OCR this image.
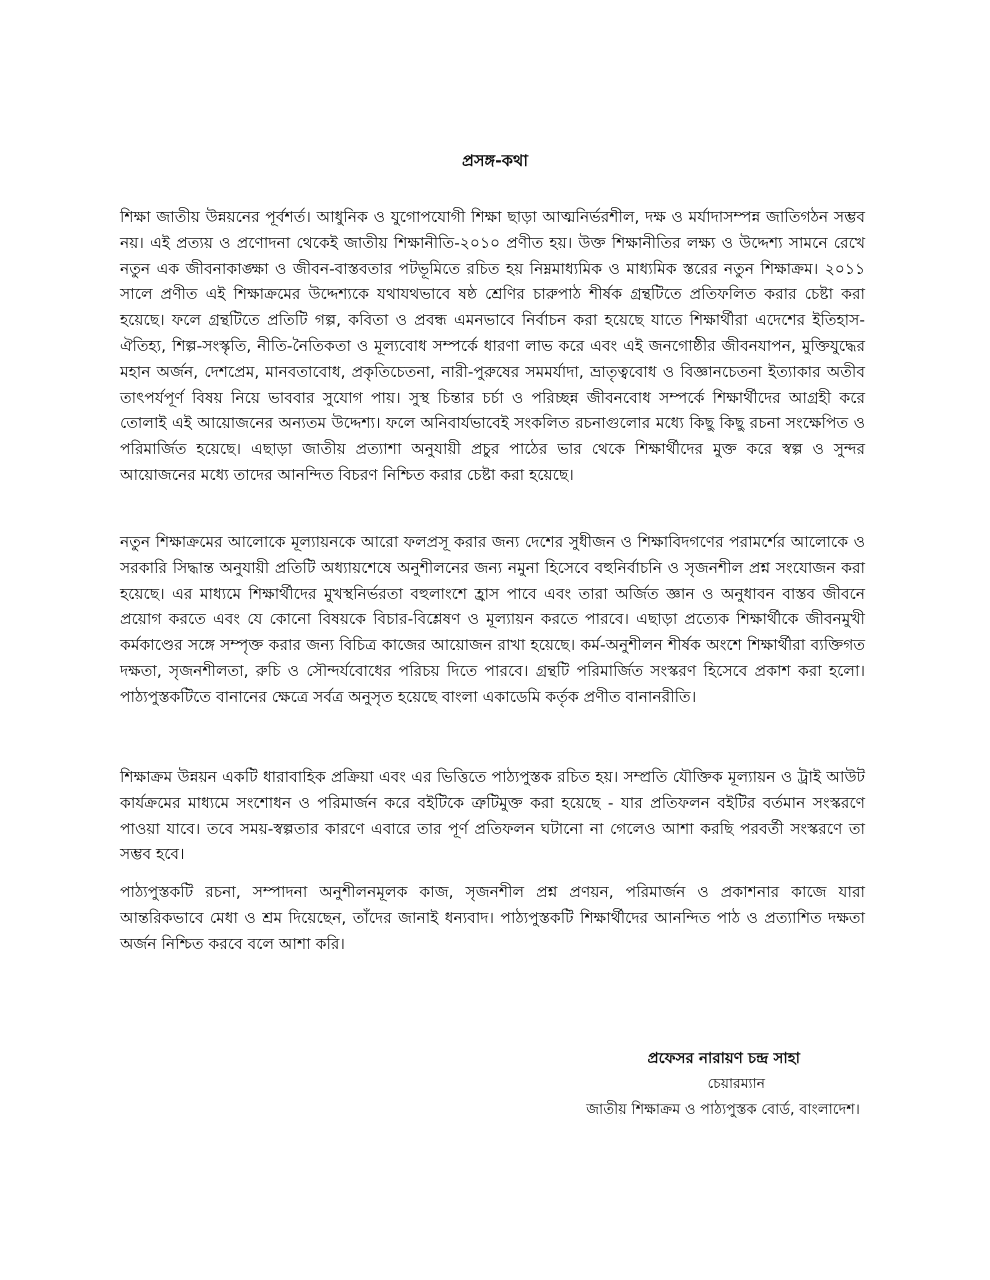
প্রসঙ্গ-কথা

শিক্ষা জাতীয় উন্নয়নের পূর্বশর্ত। আধুনিক ও যুগোপযোগী শিক্ষা ছাড়া আত্মনির্ভরশীল, দক্ষ ও মর্যাদাসম্পন্ন জাতিগঠন সম্ভব নয়। এই প্রত্যয় ও প্রণোদনা থেকেই জাতীয় শিক্ষানীতি-২০১০ প্রণীত হয়। উক্ত শিক্ষানীতির লক্ষ্য ও উদ্দেশ্য সামনে রেখে নতুন এক জীবনাকাঙ্ক্ষা ও জীবন-বাস্তবতার পটভূমিতে রচিত হয় নিম্নমাধ্যমিক ও মাধ্যমিক স্তরের নতুন শিক্ষাক্রম। ২০১১ সালে প্রণীত এই শিক্ষাক্রমের উদ্দেশ্যকে যথাযথভাবে ষষ্ঠ শ্রেণির চারুপাঠ শীর্ষক গ্রন্থটিতে প্রতিফলিত করার চেষ্টা করা হয়েছে। ফলে গ্রন্থটিতে প্রতিটি গল্প, কবিতা ও প্রবন্ধ এমনভাবে নির্বাচন করা হয়েছে যাতে শিক্ষার্থীরা এদেশের ইতিহাস-ঐতিহ্য, শিল্প-সংস্কৃতি, নীতি-নৈতিকতা ও মূল্যবোধ সম্পর্কে ধারণা লাভ করে এবং এই জনগোষ্ঠীর জীবনযাপন, মুক্তিযুদ্ধের মহান অর্জন, দেশপ্রেম, মানবতাবোধ, প্রকৃতিচেতনা, নারী-পুরুষের সমমর্যাদা, ভ্রাতৃত্ববোধ ও বিজ্ঞানচেতনা ইত্যাকার অতীব তাৎপর্যপূর্ণ বিষয় নিয়ে ভাববার সুযোগ পায়। সুস্থ চিন্তার চর্চা ও পরিচ্ছন্ন জীবনবোধ সম্পর্কে শিক্ষার্থীদের আগ্রহী করে তোলাই এই আয়োজনের অন্যতম উদ্দেশ্য। ফলে অনিবার্যভাবেই সংকলিত রচনাগুলোর মধ্যে কিছু কিছু রচনা সংক্ষেপিত ও পরিমার্জিত হয়েছে। এছাড়া জাতীয় প্রত্যাশা অনুযায়ী প্রচুর পাঠের ভার থেকে শিক্ষার্থীদের মুক্ত করে স্বল্প ও সুন্দর আয়োজনের মধ্যে তাদের আনন্দিত বিচরণ নিশ্চিত করার চেষ্টা করা হয়েছে।

নতুন শিক্ষাক্রমের আলোকে মূল্যায়নকে আরো ফলপ্রসূ করার জন্য দেশের সুধীজন ও শিক্ষাবিদগণের পরামর্শের আলোকে ও সরকারি সিদ্ধান্ত অনুযায়ী প্রতিটি অধ্যায়শেষে অনুশীলনের জন্য নমুনা হিসেবে বহুনির্বাচনি ও সৃজনশীল প্রশ্ন সংযোজন করা হয়েছে। এর মাধ্যমে শিক্ষার্থীদের মুখস্থনির্ভরতা বহুলাংশে হ্রাস পাবে এবং তারা অর্জিত জ্ঞান ও অনুধাবন বাস্তব জীবনে প্রয়োগ করতে এবং যে কোনো বিষয়কে বিচার-বিশ্লেষণ ও মূল্যায়ন করতে পারবে। এছাড়া প্রত্যেক শিক্ষার্থীকে জীবনমুখী কর্মকাণ্ডের সঙ্গে সম্পৃক্ত করার জন্য বিচিত্র কাজের আয়োজন রাখা হয়েছে। কর্ম-অনুশীলন শীর্ষক অংশে শিক্ষার্থীরা ব্যক্তিগত দক্ষতা, সৃজনশীলতা, রুচি ও সৌন্দর্যবোধের পরিচয় দিতে পারবে। গ্রন্থটি পরিমার্জিত সংস্করণ হিসেবে প্রকাশ করা হলো। পাঠ্যপুস্তকটিতে বানানের ক্ষেত্রে সর্বত্র অনুসৃত হয়েছে বাংলা একাডেমি কর্তৃক প্রণীত বানানরীতি।

শিক্ষাক্রম উন্নয়ন একটি ধারাবাহিক প্রক্রিয়া এবং এর ভিত্তিতে পাঠ্যপুস্তক রচিত হয়। সম্প্রতি যৌক্তিক মূল্যায়ন ও ট্রাই আউট কার্যক্রমের মাধ্যমে সংশোধন ও পরিমার্জন করে বইটিকে ত্রুটিমুক্ত করা হয়েছে - যার প্রতিফলন বইটির বর্তমান সংস্করণে পাওয়া যাবে। তবে সময়-স্বল্পতার কারণে এবারে তার পূর্ণ প্রতিফলন ঘটানো না গেলেও আশা করছি পরবর্তী সংস্করণে তা সম্ভব হবে।

পাঠ্যপুস্তকটি রচনা, সম্পাদনা অনুশীলনমূলক কাজ, সৃজনশীল প্রশ্ন প্রণয়ন, পরিমার্জন ও প্রকাশনার কাজে যারা আন্তরিকভাবে মেধা ও শ্রম দিয়েছেন, তাঁদের জানাই ধন্যবাদ। পাঠ্যপুস্তকটি শিক্ষার্থীদের আনন্দিত পাঠ ও প্রত্যাশিত দক্ষতা অর্জন নিশ্চিত করবে বলে আশা করি।

প্রফেসর নারায়ণ চন্দ্র সাহা
চেয়ারম্যান
জাতীয় শিক্ষাক্রম ও পাঠ্যপুস্তক বোর্ড, বাংলাদেশ।
